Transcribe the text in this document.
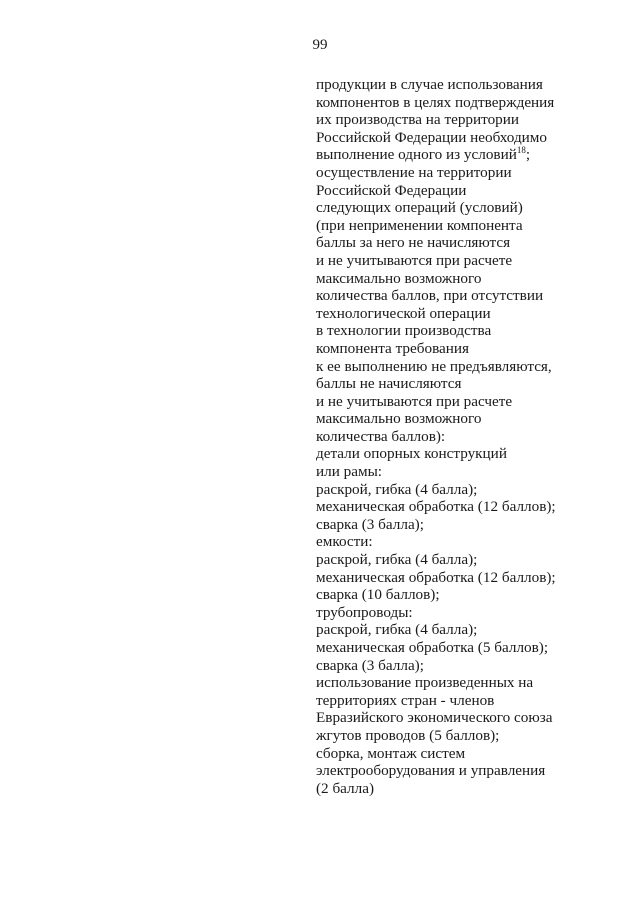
99
продукции в случае использования
компонентов в целях подтверждения
их производства на территории
Российской Федерации необходимо
выполнение одного из условий$^{18}$;
осуществление на территории
Российской Федерации
следующих операций (условий)
(при неприменении компонента
баллы за него не начисляются
и не учитываются при расчете
максимально возможного
количества баллов, при отсутствии
технологической операции
в технологии производства
компонента требования
к ее выполнению не предъявляются,
баллы не начисляются
и не учитываются при расчете
максимально возможного
количества баллов):
детали опорных конструкций
или рамы:
раскрой, гибка (4 балла);
механическая обработка (12 баллов);
сварка (3 балла);
емкости:
раскрой, гибка (4 балла);
механическая обработка (12 баллов);
сварка (10 баллов);
трубопроводы:
раскрой, гибка (4 балла);
механическая обработка (5 баллов);
сварка (3 балла);
использование произведенных на
территориях стран - членов
Евразийского экономического союза
жгутов проводов (5 баллов);
сборка, монтаж систем
электрооборудования и управления
(2 балла)
